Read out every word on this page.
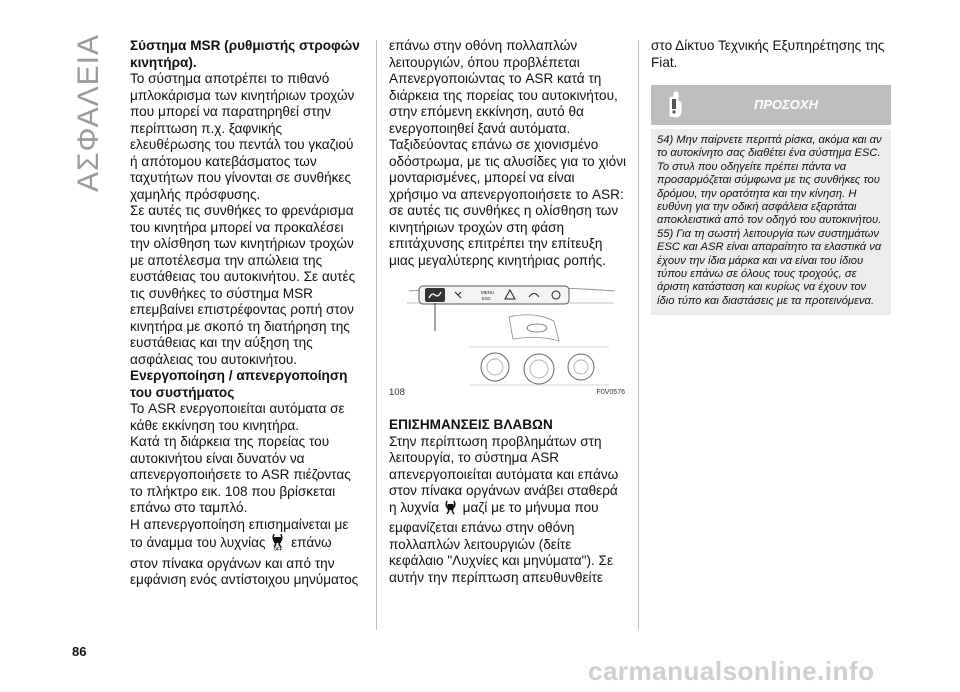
ΑΣΦΑΛΕΙΑ Σύστημα MSR (ρυθμιστής στροφών κινητήρα).

Το σύστημα αποτρέπει το πιθανό μπλοκάρισμα των κινητήριων τροχών που μπορεί να παρατηρηθεί στην περίπτωση π.χ. ξαφνικής ελευθέρωσης του πεντάλ του γκαζιού ή απότομου κατεβάσματος των ταχυτήτων που γίνονται σε συνθήκες χαμηλής πρόσφυσης.

Σε αυτές τις συνθήκες το φρενάρισμα του κινητήρα μπορεί να προκαλέσει την ολίσθηση των κινητήριων τροχών με αποτέλεσμα την απώλεια της ευστάθειας του αυτοκινήτου. Σε αυτές τις συνθήκες το σύστημα MSR επεμβαίνει επιστρέφοντας ροπή στον κινητήρα με σκοπό τη διατήρηση της ευστάθειας και την αύξηση της ασφάλειας του αυτοκινήτου.

Ενεργοποίηση / απενεργοποίηση του συστήματος

Το ASR ενεργοποιείται αυτόματα σε κάθε εκκίνηση του κινητήρα.

Κατά τη διάρκεια της πορείας του αυτοκινήτου είναι δυνατόν να απενεργοποιήσετε το ASR πιέζοντας το πλήκτρο εικ. 108 που βρίσκεται επάνω στο ταμπλό.

Η απενεργοποίηση επισημαίνεται με το άναμμα του λυχνίας OFF επάνω στον πίνακα οργάνων και από την εμφάνιση ενός αντίστοιχου μηνύματος

επάνω στην οθόνη πολλαπλών λειτουργιών, όπου προβλέπεται

Απενεργοποιώντας το ASR κατά τη διάρκεια της πορείας του αυτοκινήτου, στην επόμενη εκκίνηση, αυτό θα ενεργοποιηθεί ξανά αυτόματα.

Ταξιδεύοντας επάνω σε χιονισμένο οδόστρωμα, με τις αλυσίδες για το χιόνι μονταρισμένες, μπορεί να είναι χρήσιμο να απενεργοποιήσετε το ASR: σε αυτές τις συνθήκες η ολίσθηση των κινητήριων τροχών στη φάση επιτάχυνσης επιτρέπει την επίτευξη μιας μεγαλύτερης κινητήριας ροπής.

MENU
ESC
108	F0V0576

ΕΠΙΣΗΜΑΝΣΕΙΣ ΒΛΑΒΩΝ

Στην περίπτωση προβλημάτων στη λειτουργία, το σύστημα ASR απενεργοποιείται αυτόματα και επάνω στον πίνακα οργάνων ανάβει σταθερά η λυχνία μαζί με το μήνυμα που εμφανίζεται επάνω στην οθόνη πολλαπλών λειτουργιών (δείτε κεφάλαιο "Λυχνίες και μηνύματα"). Σε αυτήν την περίπτωση απευθυνθείτε

στο Δίκτυο Τεχνικής Εξυπηρέτησης της Fiat.

ΠΡΟΣΟΧΗ

54) Μην παίρνετε περιττά ρίσκα, ακόμα και αν το αυτοκίνητο σας διαθέτει ένα σύστημα ESC. Το στυλ που οδηγείτε πρέπει πάντα να προσαρμόζεται σύμφωνα με τις συνθήκες του δρόμου, την ορατότητα και την κίνηση. Η ευθύνη για την οδική ασφάλεια εξαρτάται αποκλειστικά από τον οδηγό του αυτοκινήτου.

55) Για τη σωστή λειτουργία των συστημάτων ESC και ASR είναι απαραίτητο τα ελαστικά να έχουν την ίδια μάρκα και να είναι του ίδιου τύπου επάνω σε όλους τους τροχούς, σε άριστη κατάσταση και κυρίως να έχουν τον ίδιο τύπο και διαστάσεις με τα προτεινόμενα.

86
carmanualsonline.info
